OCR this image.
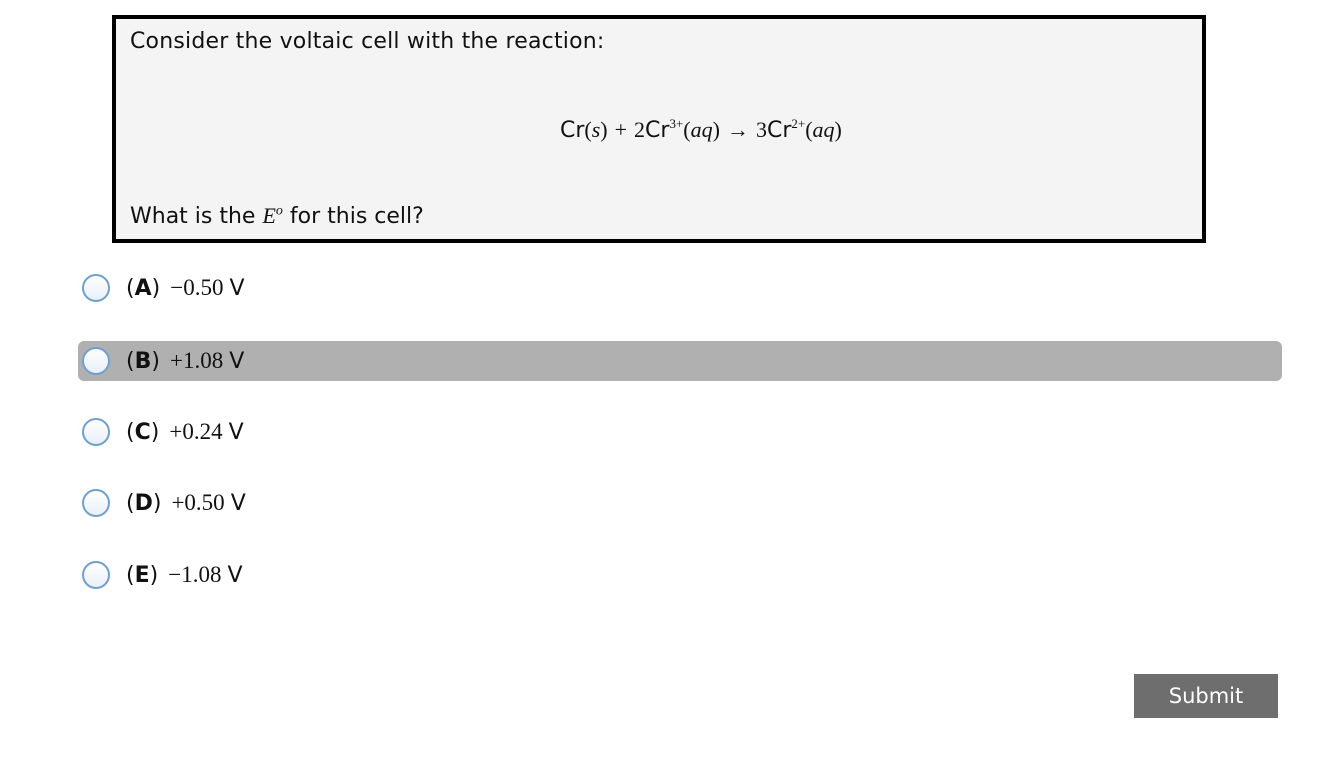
Consider the voltaic cell with the reaction:
$Cr(s) + 2Cr^{3+}(aq) \to 3Cr^{2+}(aq)$
What is the $E^o$ for this cell?
( A ) −0.50 V
( B ) +1.08 V
( C ) +0.24 V
( D ) +0.50 V
( E ) −1.08 V
Submit
